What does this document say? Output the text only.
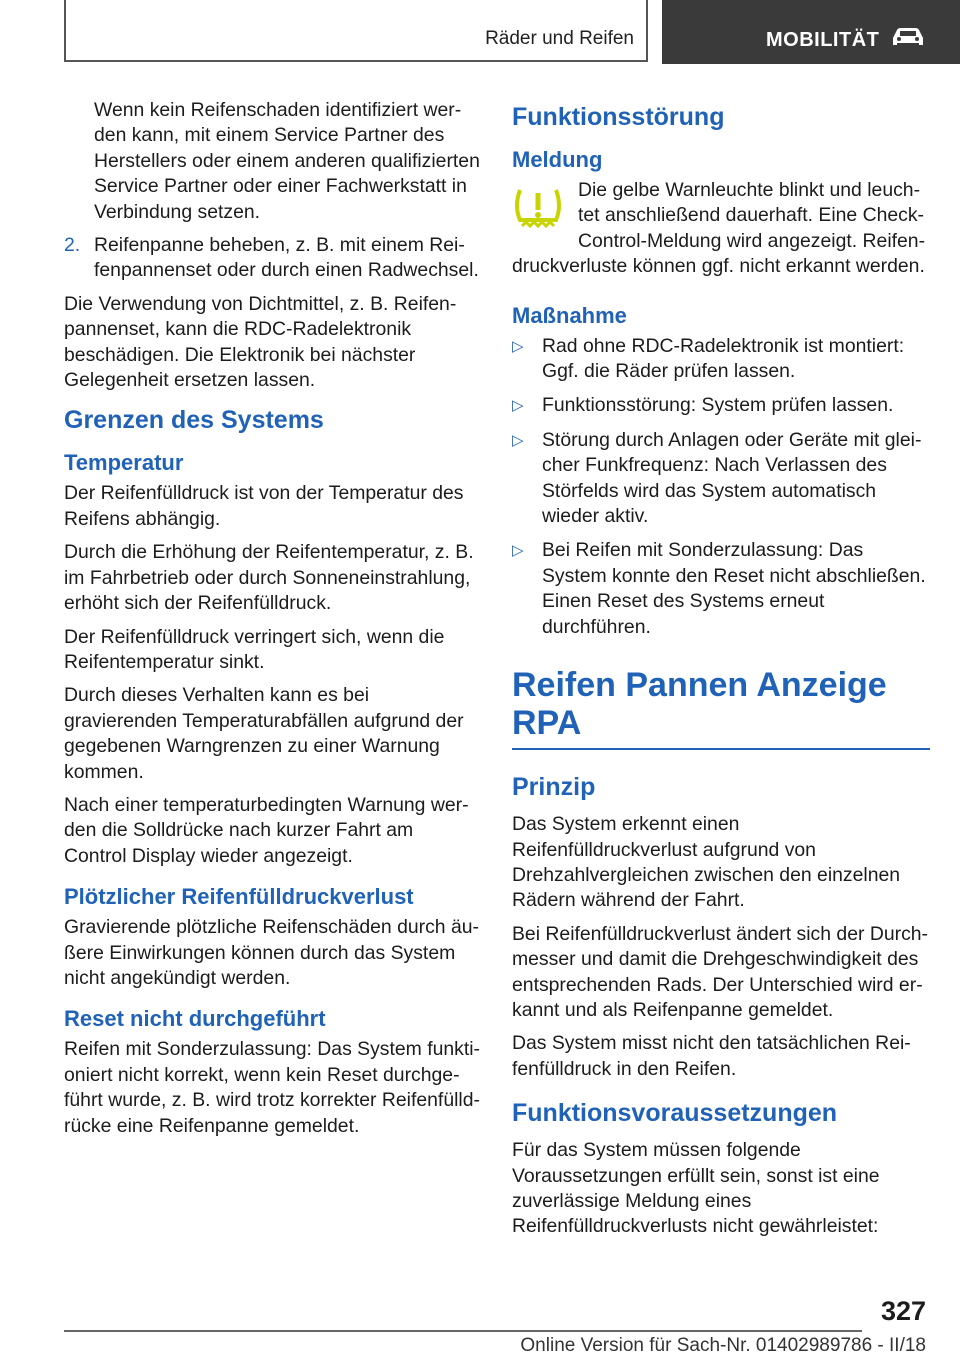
Räder und Reifen	MOBILITÄT

Wenn kein Reifenschaden identifiziert werden kann, mit einem Service Partner des Herstellers oder einem anderen qualifizierten Service Partner oder einer Fachwerkstatt in Verbindung setzen.

2. Reifenpanne beheben, z. B. mit einem Reifenpannenset oder durch einen Radwechsel.

Die Verwendung von Dichtmittel, z. B. Reifenpannenset, kann die RDC-Radelektronik beschädigen. Die Elektronik bei nächster Gelegenheit ersetzen lassen.

Grenzen des Systems
Temperatur

Der Reifenfülldruck ist von der Temperatur des Reifens abhängig.

Durch die Erhöhung der Reifentemperatur, z. B. im Fahrbetrieb oder durch Sonneneinstrahlung, erhöht sich der Reifenfülldruck.

Der Reifenfülldruck verringert sich, wenn die Reifentemperatur sinkt.

Durch dieses Verhalten kann es bei gravierenden Temperaturabfällen aufgrund der gegebenen Warngrenzen zu einer Warnung kommen.

Nach einer temperaturbedingten Warnung werden die Solldrücke nach kurzer Fahrt am Control Display wieder angezeigt.

Plötzlicher Reifenfülldruckverlust

Gravierende plötzliche Reifenschäden durch äußere Einwirkungen können durch das System nicht angekündigt werden.

Reset nicht durchgeführt

Reifen mit Sonderzulassung: Das System funktioniert nicht korrekt, wenn kein Reset durchgeführt wurde, z. B. wird trotz korrekter Reifenfülldrücke eine Reifenpanne gemeldet.

Funktionsstörung
Meldung

Die gelbe Warnleuchte blinkt und leuchtet anschließend dauerhaft. Eine Check-Control-Meldung wird angezeigt. Reifendruckverluste können ggf. nicht erkannt werden.

Maßnahme
▷ Rad ohne RDC-Radelektronik ist montiert: Ggf. die Räder prüfen lassen.
▷ Funktionsstörung: System prüfen lassen.
▷ Störung durch Anlagen oder Geräte mit gleicher Funkfrequenz: Nach Verlassen des Störfelds wird das System automatisch wieder aktiv.
▷ Bei Reifen mit Sonderzulassung: Das System konnte den Reset nicht abschließen. Einen Reset des Systems erneut durchführen.
Reifen Pannen Anzeige RPA
Prinzip

Das System erkennt einen Reifenfülldruckverlust aufgrund von Drehzahlvergleichen zwischen den einzelnen Rädern während der Fahrt.

Bei Reifenfülldruckverlust ändert sich der Durchmesser und damit die Drehgeschwindigkeit des entsprechenden Rads. Der Unterschied wird erkannt und als Reifenpanne gemeldet.

Das System misst nicht den tatsächlichen Reifenfülldruck in den Reifen.

Funktionsvoraussetzungen

Für das System müssen folgende Voraussetzungen erfüllt sein, sonst ist eine zuverlässige Meldung eines Reifenfülldruckverlusts nicht gewährleistet:

327
Online Version für Sach-Nr. 01402989786 - II/18
